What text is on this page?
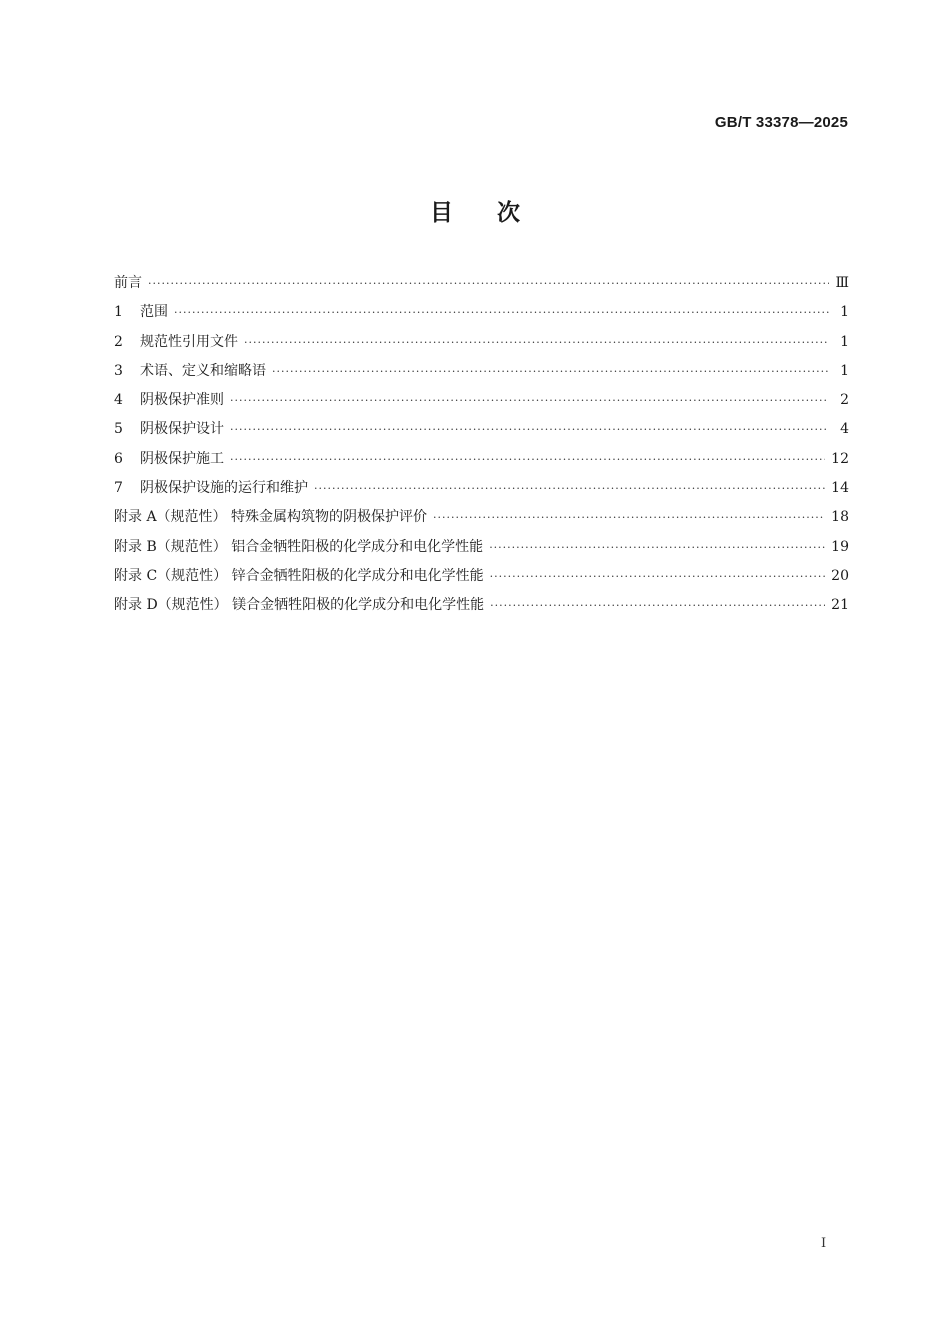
GB/T 33378—2025
目次
前言 ·····	Ⅲ
1 范围 ·····	1
2 规范性引用文件 ·····	1
3 术语、定义和缩略语 ·····	1
4 阴极保护准则 ·····	2
5 阴极保护设计 ·····	4
6 阴极保护施工 ·····	12
7 阴极保护设施的运行和维护 ·····	14
附录 A（规范性） 特殊金属构筑物的阴极保护评价 ·····	18
附录 B（规范性） 铝合金牺牲阳极的化学成分和电化学性能 ·····	19
附录 C（规范性） 锌合金牺牲阳极的化学成分和电化学性能 ·····	20
附录 D（规范性） 镁合金牺牲阳极的化学成分和电化学性能 ·····	21
Ⅰ
